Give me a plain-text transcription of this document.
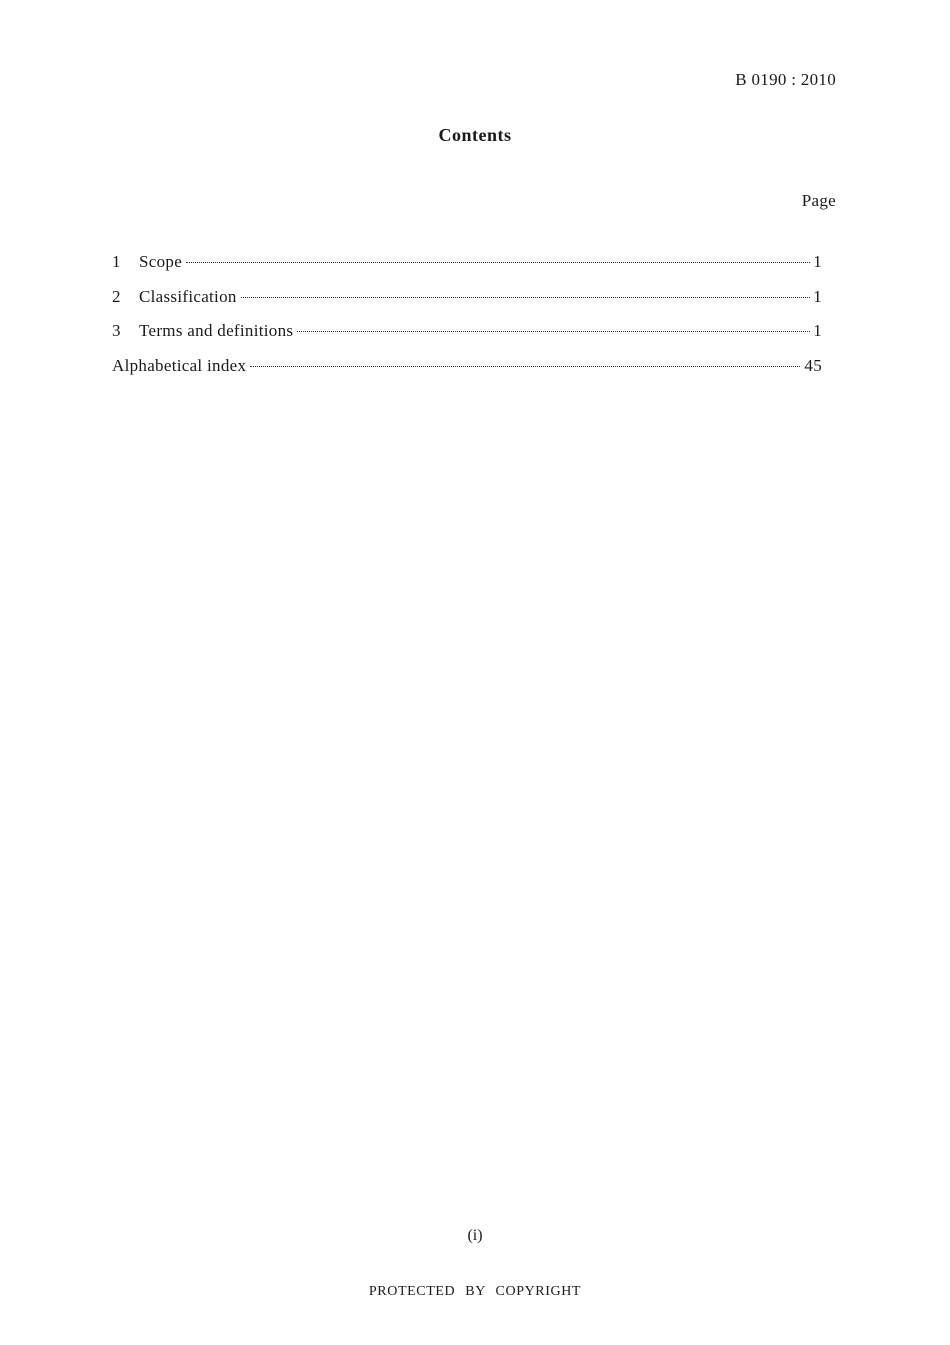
B 0190 : 2010
Contents
Page
1	Scope	1
2	Classification	1
3	Terms and definitions	1
Alphabetical index	45
(i)
PROTECTED BY COPYRIGHT
